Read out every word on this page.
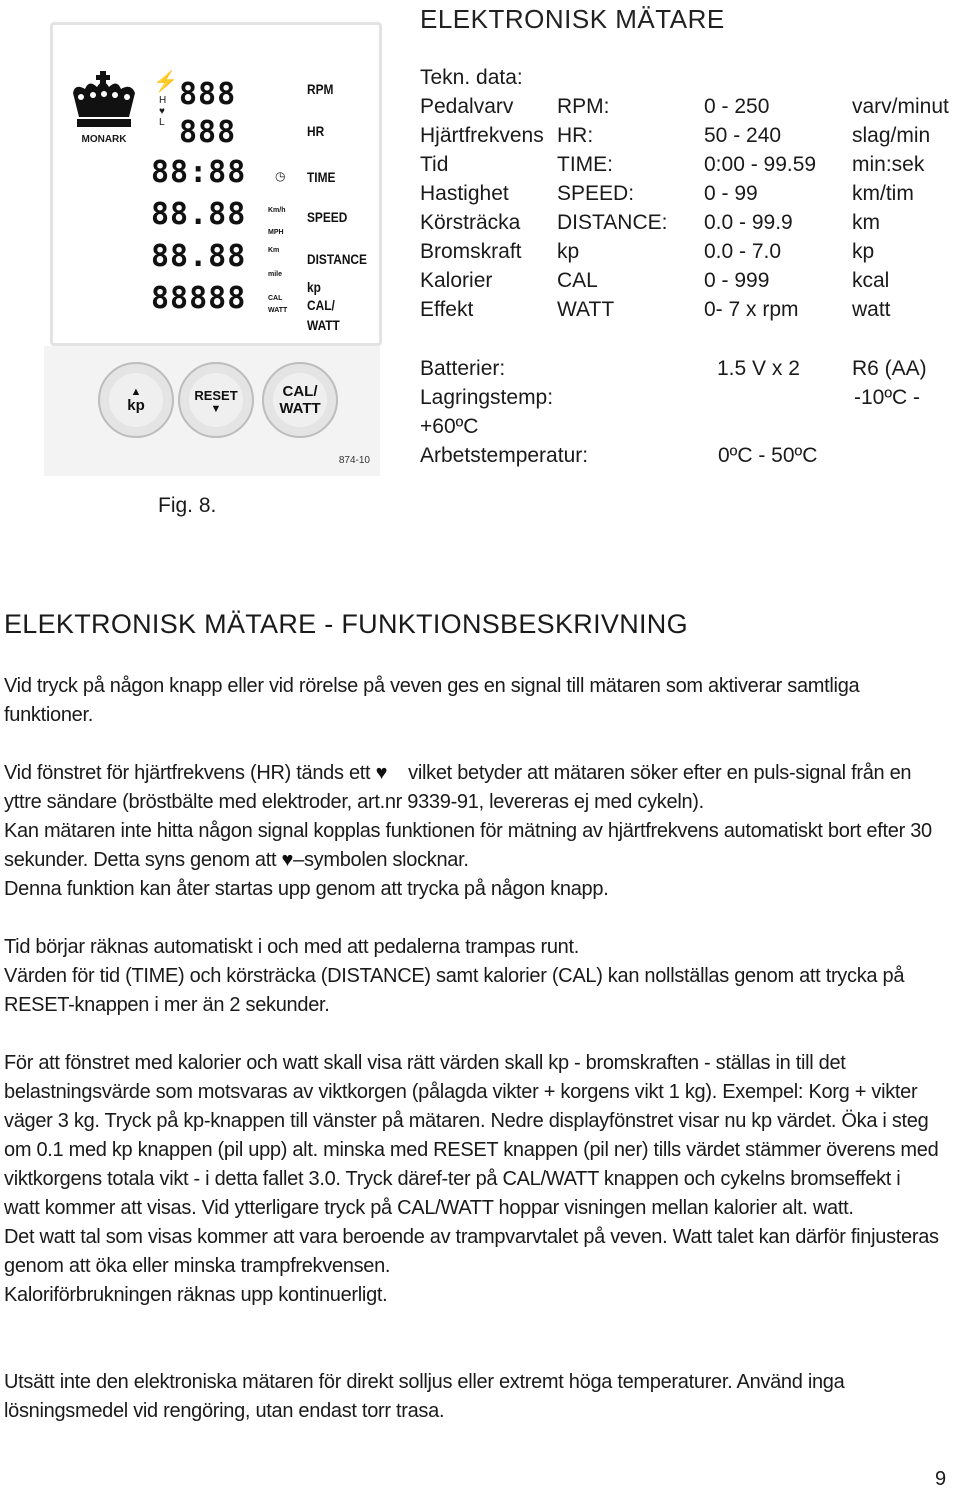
MONARK
⚡
H
♥
L
888
888
88:88 ◷
88.88
88.88
88888
Km/h
MPH
Km
mile
CAL
WATT
RPM
HR
TIME
SPEED
DISTANCE
kp
CAL/
WATT
▲
kp
RESET
▼
CAL/
WATT
874-10
ELEKTRONISK MÄTARE
Tekn. data:
Pedalvarv RPM:	0 - 250	varv/minut
Hjärtfrekvens HR:	50 - 240	slag/min
Tid	TIME:	0:00 - 99.59 min:sek
Hastighet SPEED:	0 - 99	km/tim
Körsträcka DISTANCE: 0.0 - 99.9	km
Bromskraft kp	0.0 - 7.0	kp
Kalorier	CAL	0 - 999	kcal
Effekt	WATT	0- 7 x rpm	watt
Batterier:	1.5 V x 2 R6 (AA)
Lagringstemp:	-10ºC -
+60ºC
Arbetstemperatur:	0ºC - 50ºC
Fig. 8.
ELEKTRONISK MÄTARE - FUNKTIONSBESKRIVNING

Vid tryck på någon knapp eller vid rörelse på veven ges en signal till mätaren som aktiverar samtliga funktioner.

Vid fönstret för hjärtfrekvens (HR) tänds ett ♥ vilket betyder att mätaren söker efter en puls-signal från en yttre sändare (bröstbälte med elektroder, art.nr 9339-91, levereras ej med cykeln).

Kan mätaren inte hitta någon signal kopplas funktionen för mätning av hjärtfrekvens automatiskt bort efter 30 sekunder. Detta syns genom att ♥–symbolen slocknar.

Denna funktion kan åter startas upp genom att trycka på någon knapp.

Tid börjar räknas automatiskt i och med att pedalerna trampas runt.

Värden för tid (TIME) och körsträcka (DISTANCE) samt kalorier (CAL) kan nollställas genom att trycka på RESET-knappen i mer än 2 sekunder.

För att fönstret med kalorier och watt skall visa rätt värden skall kp - bromskraften - ställas in till det belastningsvärde som motsvaras av viktkorgen (pålagda vikter + korgens vikt 1 kg). Exempel: Korg + vikter väger 3 kg. Tryck på kp-knappen till vänster på mätaren. Nedre displayfönstret visar nu kp värdet. Öka i steg om 0.1 med kp knappen (pil upp) alt. minska med RESET knappen (pil ner) tills värdet stämmer överens med viktkorgens totala vikt - i detta fallet 3.0. Tryck däref-ter på CAL/WATT knappen och cykelns bromseffekt i watt kommer att visas. Vid ytterligare tryck på CAL/WATT hoppar visningen mellan kalorier alt. watt.

Det watt tal som visas kommer att vara beroende av trampvarvtalet på veven. Watt talet kan därför finjusteras genom att öka eller minska trampfrekvensen.

Kaloriförbrukningen räknas upp kontinuerligt.

Utsätt inte den elektroniska mätaren för direkt solljus eller extremt höga temperaturer. Använd inga lösningsmedel vid rengöring, utan endast torr trasa.

9
